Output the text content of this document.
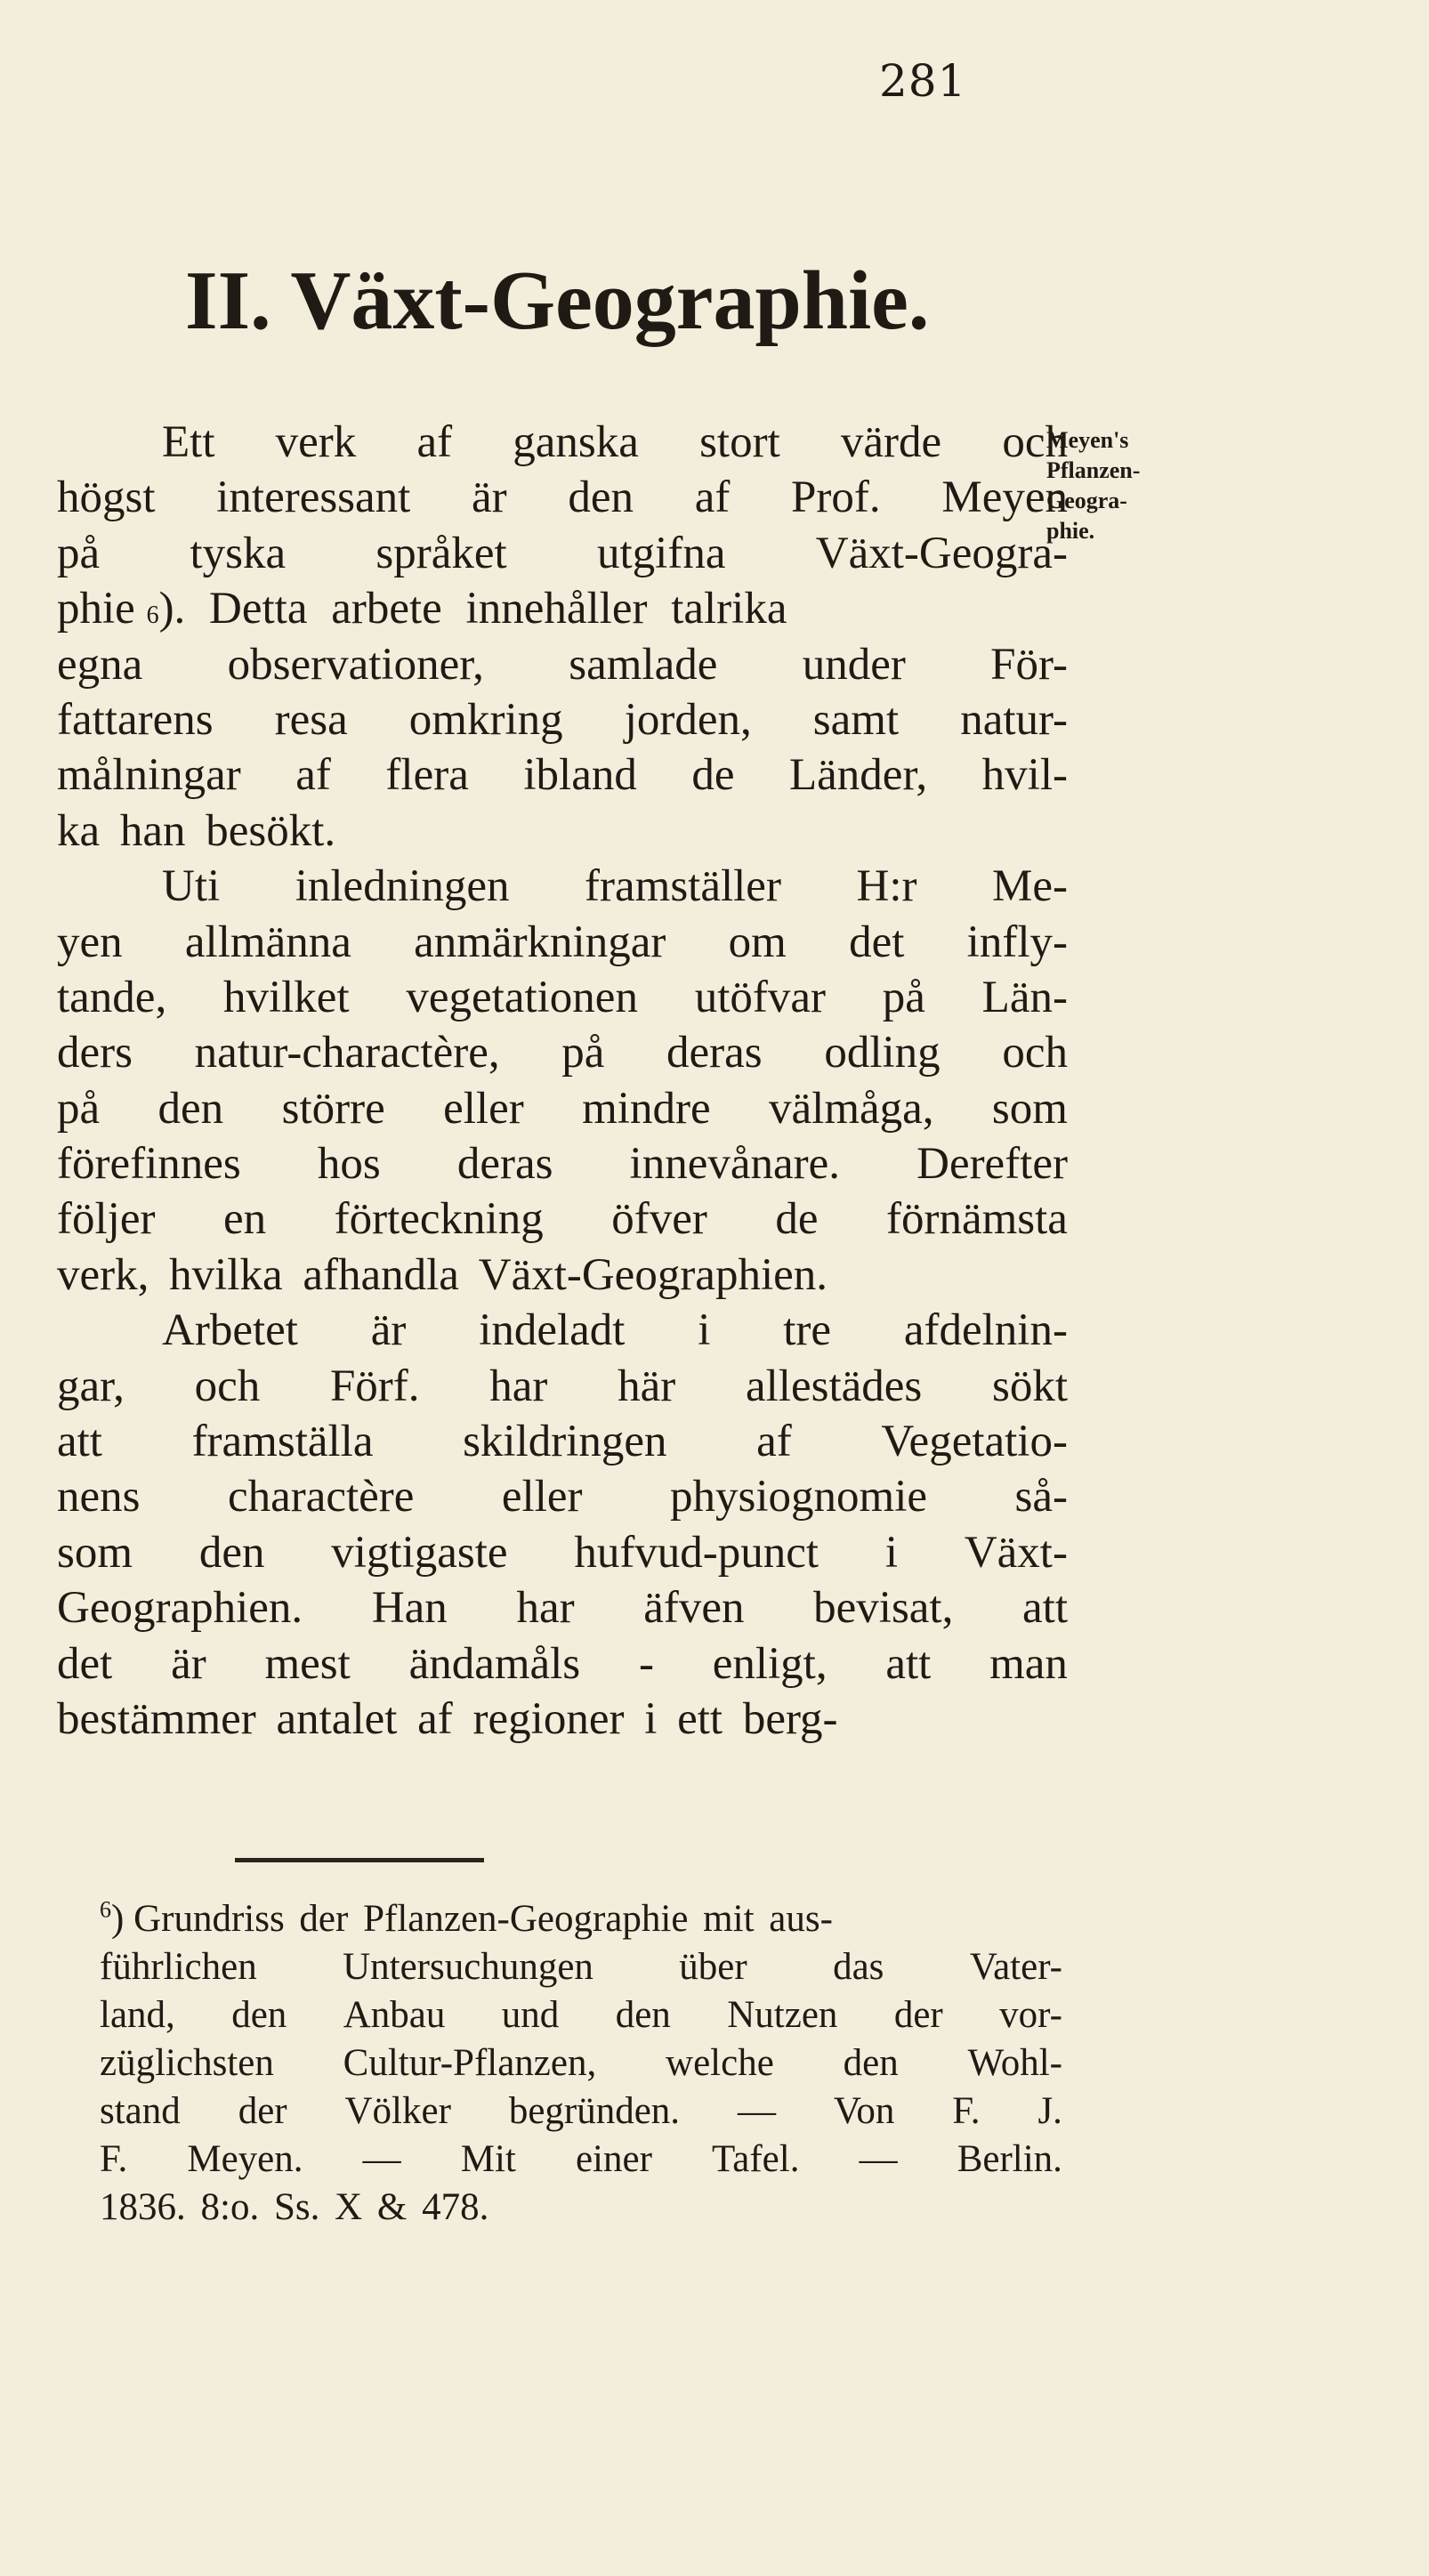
281
II. Växt-Geographie.
Ett verk af ganska stort värde och
högst interessant är den af Prof. Meyen
på tyska språket utgifna Växt-Geogra-
phie 6 ). Detta arbete innehåller talrika
egna observationer, samlade under För-
fattarens resa omkring jorden, samt natur-
målningar af flera ibland de Länder, hvil-
ka han besökt.
Uti inledningen framställer H:r Me-
yen allmänna anmärkningar om det infly-
tande, hvilket vegetationen utöfvar på Län-
ders natur-charactère, på deras odling och
på den större eller mindre välmåga, som
förefinnes hos deras innevånare. Derefter
följer en förteckning öfver de förnämsta
verk, hvilka afhandla Växt-Geographien.
Arbetet är indeladt i tre afdelnin-
gar, och Förf. har här allestädes sökt
att framställa skildringen af Vegetatio-
nens charactère eller physiognomie så-
som den vigtigaste hufvud-punct i Växt-
Geographien. Han har äfven bevisat, att
det är mest ändamåls - enligt, att man
bestämmer antalet af regioner i ett berg-
Meyen's
Pflanzen-
Geogra-
phie.
$^6$ ) Grundriss der Pflanzen-Geographie mit aus-
führlichen Untersuchungen über das Vater-
land, den Anbau und den Nutzen der vor-
züglichsten Cultur-Pflanzen, welche den Wohl-
stand der Völker begründen. — Von F. J.
F. Meyen. — Mit einer Tafel. — Berlin.
1836. 8:o. Ss. X & 478.
